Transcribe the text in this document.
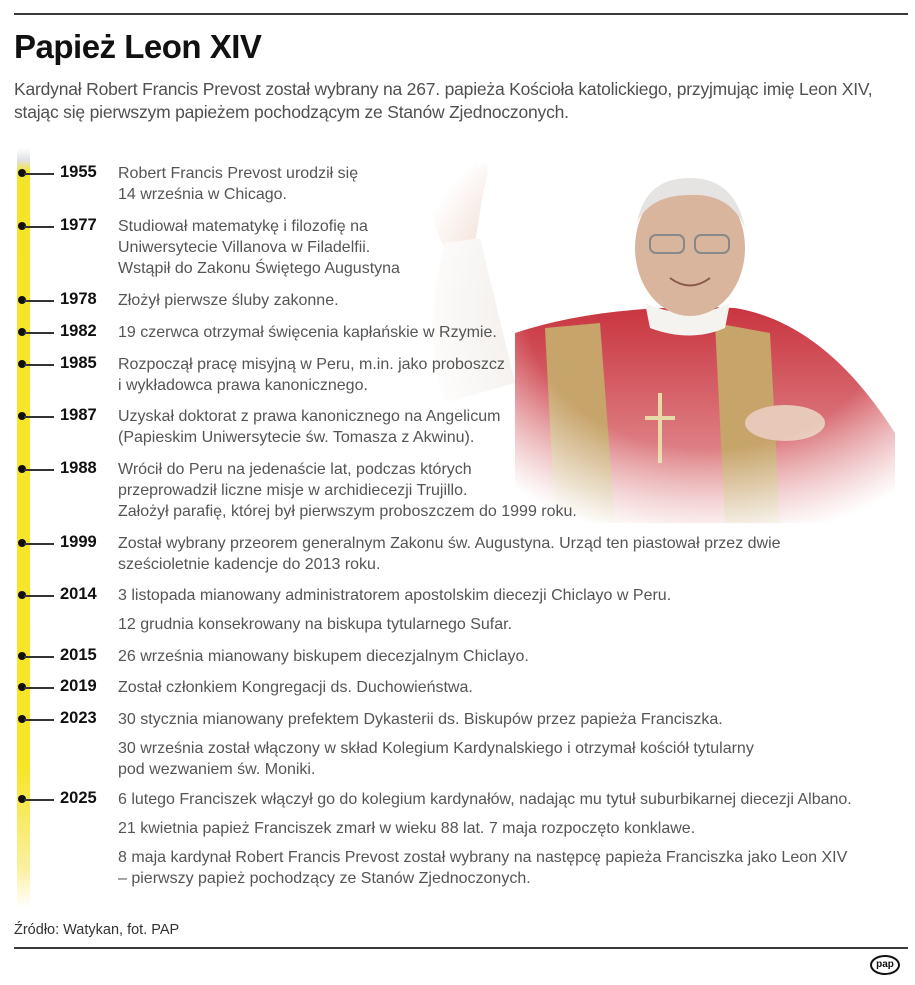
Papież Leon XIV

Kardynał Robert Francis Prevost został wybrany na 267. papieża Kościoła katolickiego, przyjmując imię Leon XIV, stając się pierwszym papieżem pochodzącym ze Stanów Zjednoczonych.

1955 Robert Francis Prevost urodził się
14 września w Chicago.
1977 Studiował matematykę i filozofię na
Uniwersytecie Villanova w Filadelfii.
Wstąpił do Zakonu Świętego Augustyna
1978 Złożył pierwsze śluby zakonne.
1982 19 czerwca otrzymał święcenia kapłańskie w Rzymie.
1985 Rozpoczął pracę misyjną w Peru, m.in. jako proboszcz
i wykładowca prawa kanonicznego.
1987 Uzyskał doktorat z prawa kanonicznego na Angelicum
(Papieskim Uniwersytecie św. Tomasza z Akwinu).
1988 Wrócił do Peru na jedenaście lat, podczas których
przeprowadził liczne misje w archidiecezji Trujillo.
Założył parafię, której był pierwszym proboszczem do 1999 roku.
1999 Został wybrany przeorem generalnym Zakonu św. Augustyna. Urząd ten piastował przez dwie
sześcioletnie kadencje do 2013 roku.
2014 3 listopada mianowany administratorem apostolskim diecezji Chiclayo w Peru.
12 grudnia konsekrowany na biskupa tytularnego Sufar.
2015 26 września mianowany biskupem diecezjalnym Chiclayo.
2019 Został członkiem Kongregacji ds. Duchowieństwa.
2023 30 stycznia mianowany prefektem Dykasterii ds. Biskupów przez papieża Franciszka.
30 września został włączony w skład Kolegium Kardynalskiego i otrzymał kościół tytularny
pod wezwaniem św. Moniki.
2025 6 lutego Franciszek włączył go do kolegium kardynałów, nadając mu tytuł suburbikarnej diecezji Albano.
21 kwietnia papież Franciszek zmarł w wieku 88 lat. 7 maja rozpoczęto konklawe.
8 maja kardynał Robert Francis Prevost został wybrany na następcę papieża Franciszka jako Leon XIV
– pierwszy papież pochodzący ze Stanów Zjednoczonych.
Źródło: Watykan, fot. PAP
pap
